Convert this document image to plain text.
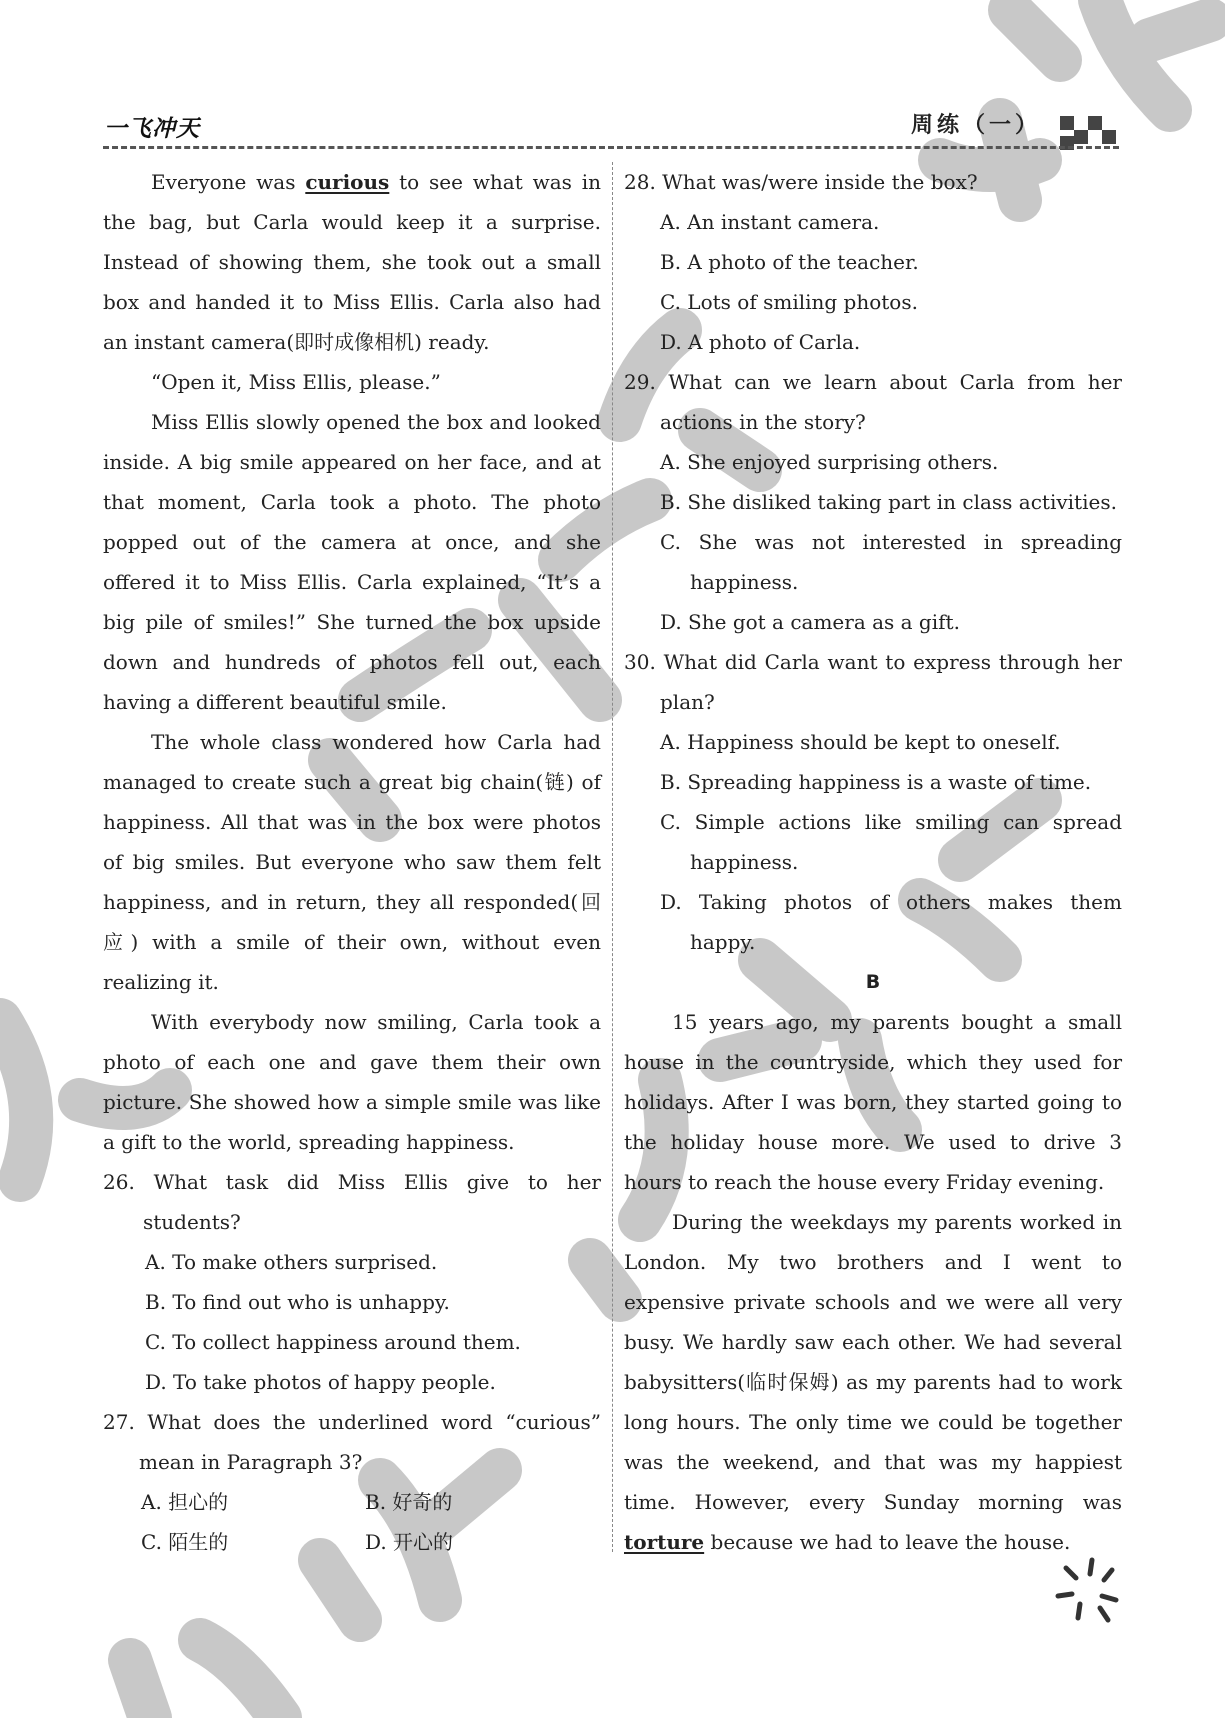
一飞冲天	周练（一）

Everyone was curious to see what was in the bag, but Carla would keep it a surprise. Instead of showing them, she took out a small box and handed it to Miss Ellis. Carla also had an instant camera(即时成像相机) ready.

“Open it, Miss Ellis, please.”

Miss Ellis slowly opened the box and looked inside. A big smile appeared on her face, and at that moment, Carla took a photo. The photo popped out of the camera at once, and she offered it to Miss Ellis. Carla explained, “It’s a big pile of smiles!” She turned the box upside down and hundreds of photos fell out, each having a different beautiful smile.

The whole class wondered how Carla had managed to create such a great big chain(链) of happiness. All that was in the box were photos of big smiles. But everyone who saw them felt happiness, and in return, they all responded(回应) with a smile of their own, without even realizing it.

With everybody now smiling, Carla took a photo of each one and gave them their own picture. She showed how a simple smile was like a gift to the world, spreading happiness.

26. What task did Miss Ellis give to her students?

A. To make others surprised.

B. To find out who is unhappy.

C. To collect happiness around them.

D. To take photos of happy people.

27. What does the underlined word “curious” mean in Paragraph 3?

A. 担心的	B. 好奇的
C. 陌生的	D. 开心的

28. What was/were inside the box?

A. An instant camera.

B. A photo of the teacher.

C. Lots of smiling photos.

D. A photo of Carla.

29. What can we learn about Carla from her actions in the story?

A. She enjoyed surprising others.

B. She disliked taking part in class activities.

C. She was not interested in spreading happiness.

D. She got a camera as a gift.

30. What did Carla want to express through her plan?

A. Happiness should be kept to oneself.

B. Spreading happiness is a waste of time.

C. Simple actions like smiling can spread happiness.

D. Taking photos of others makes them happy.

B

15 years ago, my parents bought a small house in the countryside, which they used for holidays. After I was born, they started going to the holiday house more. We used to drive 3 hours to reach the house every Friday evening.

During the weekdays my parents worked in London. My two brothers and I went to expensive private schools and we were all very busy. We hardly saw each other. We had several babysitters(临时保姆) as my parents had to work long hours. The only time we could be together was the weekend, and that was my happiest time. However, every Sunday morning was torture because we had to leave the house.
